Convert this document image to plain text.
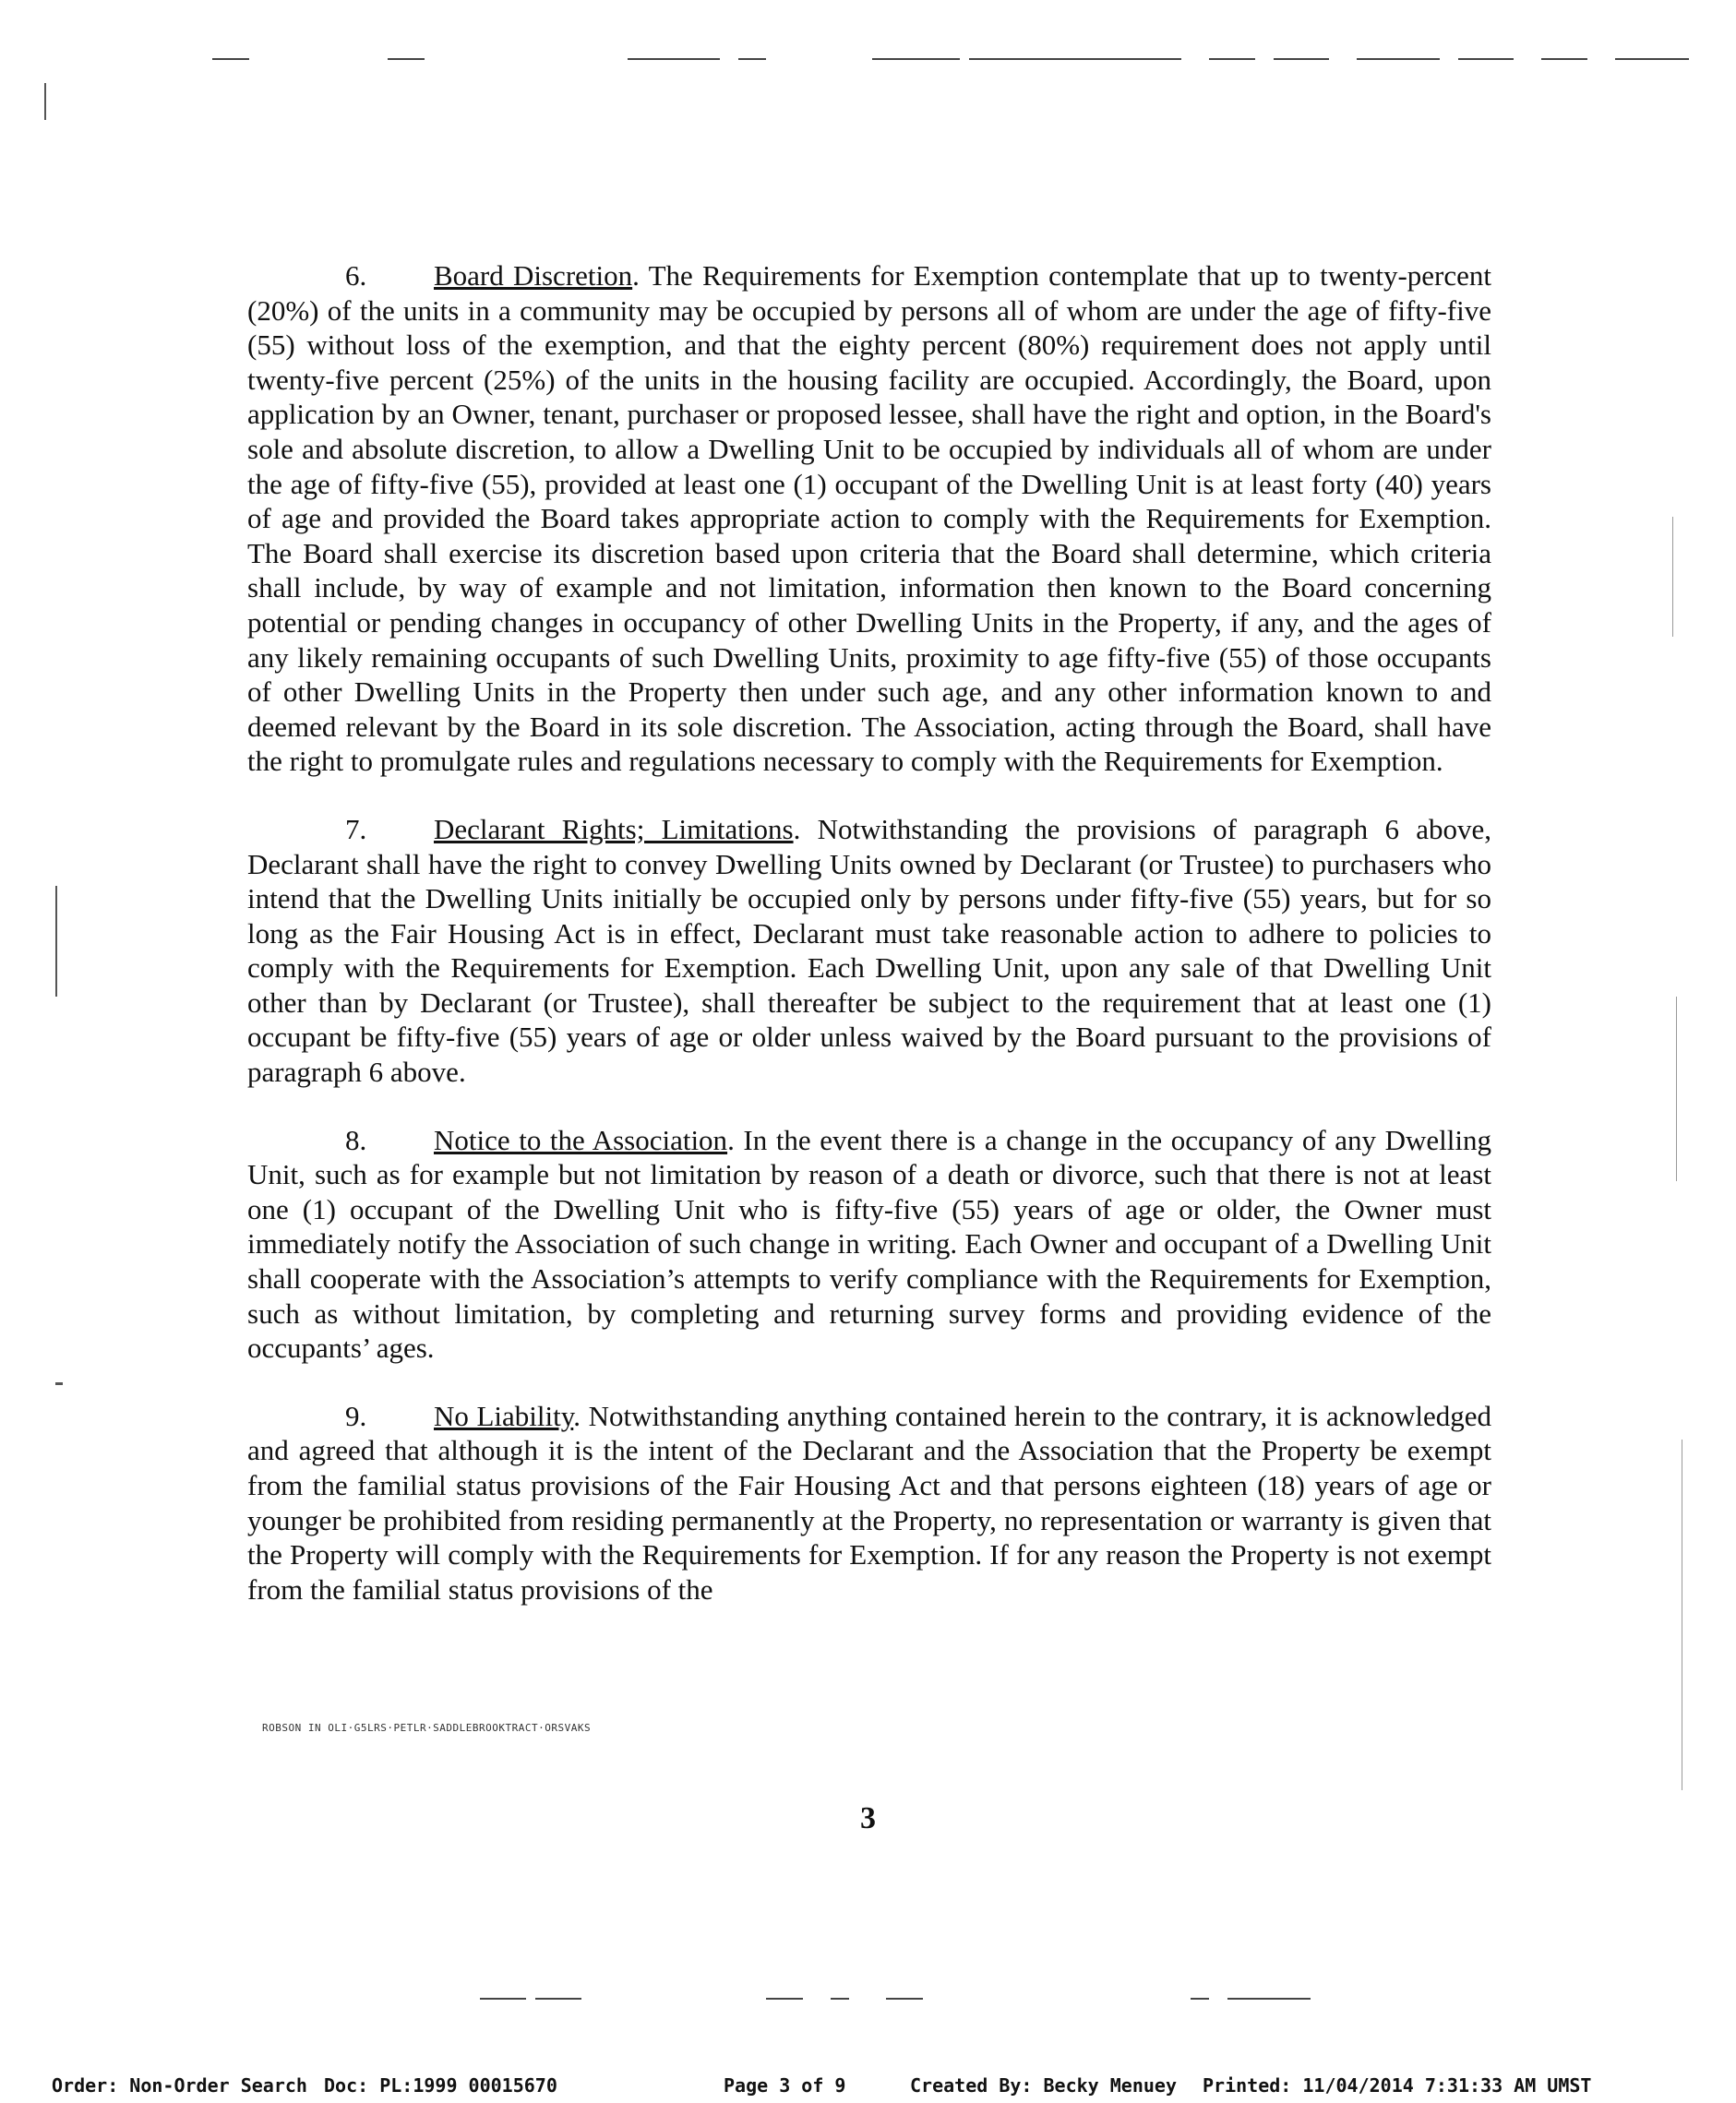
6. Board Discretion. The Requirements for Exemption contemplate that up to twenty-percent (20%) of the units in a community may be occupied by persons all of whom are under the age of fifty-five (55) without loss of the exemption, and that the eighty percent (80%) requirement does not apply until twenty-five percent (25%) of the units in the housing facility are occupied. Accordingly, the Board, upon application by an Owner, tenant, purchaser or proposed lessee, shall have the right and option, in the Board's sole and absolute discretion, to allow a Dwelling Unit to be occupied by individuals all of whom are under the age of fifty-five (55), provided at least one (1) occupant of the Dwelling Unit is at least forty (40) years of age and provided the Board takes appropriate action to comply with the Requirements for Exemption. The Board shall exercise its discretion based upon criteria that the Board shall determine, which criteria shall include, by way of example and not limitation, information then known to the Board concerning potential or pending changes in occupancy of other Dwelling Units in the Property, if any, and the ages of any likely remaining occupants of such Dwelling Units, proximity to age fifty-five (55) of those occupants of other Dwelling Units in the Property then under such age, and any other information known to and deemed relevant by the Board in its sole discretion. The Association, acting through the Board, shall have the right to promulgate rules and regulations necessary to comply with the Requirements for Exemption.

7. Declarant Rights; Limitations. Notwithstanding the provisions of paragraph 6 above, Declarant shall have the right to convey Dwelling Units owned by Declarant (or Trustee) to purchasers who intend that the Dwelling Units initially be occupied only by persons under fifty-five (55) years, but for so long as the Fair Housing Act is in effect, Declarant must take reasonable action to adhere to policies to comply with the Requirements for Exemption. Each Dwelling Unit, upon any sale of that Dwelling Unit other than by Declarant (or Trustee), shall thereafter be subject to the requirement that at least one (1) occupant be fifty-five (55) years of age or older unless waived by the Board pursuant to the provisions of paragraph 6 above.

8. Notice to the Association. In the event there is a change in the occupancy of any Dwelling Unit, such as for example but not limitation by reason of a death or divorce, such that there is not at least one (1) occupant of the Dwelling Unit who is fifty-five (55) years of age or older, the Owner must immediately notify the Association of such change in writing. Each Owner and occupant of a Dwelling Unit shall cooperate with the Association’s attempts to verify compliance with the Requirements for Exemption, such as without limitation, by completing and returning survey forms and providing evidence of the occupants’ ages.

9. No Liability. Notwithstanding anything contained herein to the contrary, it is acknowledged and agreed that although it is the intent of the Declarant and the Association that the Property be exempt from the familial status provisions of the Fair Housing Act and that persons eighteen (18) years of age or younger be prohibited from residing permanently at the Property, no representation or warranty is given that the Property will comply with the Requirements for Exemption. If for any reason the Property is not exempt from the familial status provisions of the

ROBSON IN OLI·G5LRS·PETLR·SADDLEBROOKTRACT·ORSVAKS
3
Order: Non-Order Search Doc: PL:1999 00015670	Page 3 of 9	Created By: Becky Menuey Printed: 11/04/2014 7:31:33 AM UMST
